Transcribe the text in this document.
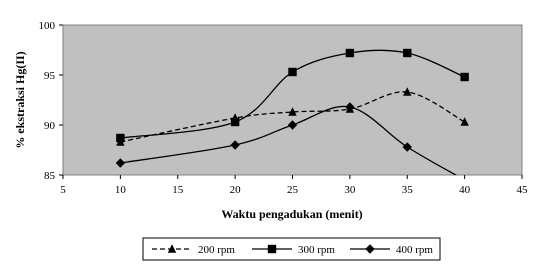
85
90
95
100
5	10	15	20	25	30	35	40	45
Waktu pengadukan (menit)
% ekstraksi Hg(II)
200 rpm	300 rpm	400 rpm
